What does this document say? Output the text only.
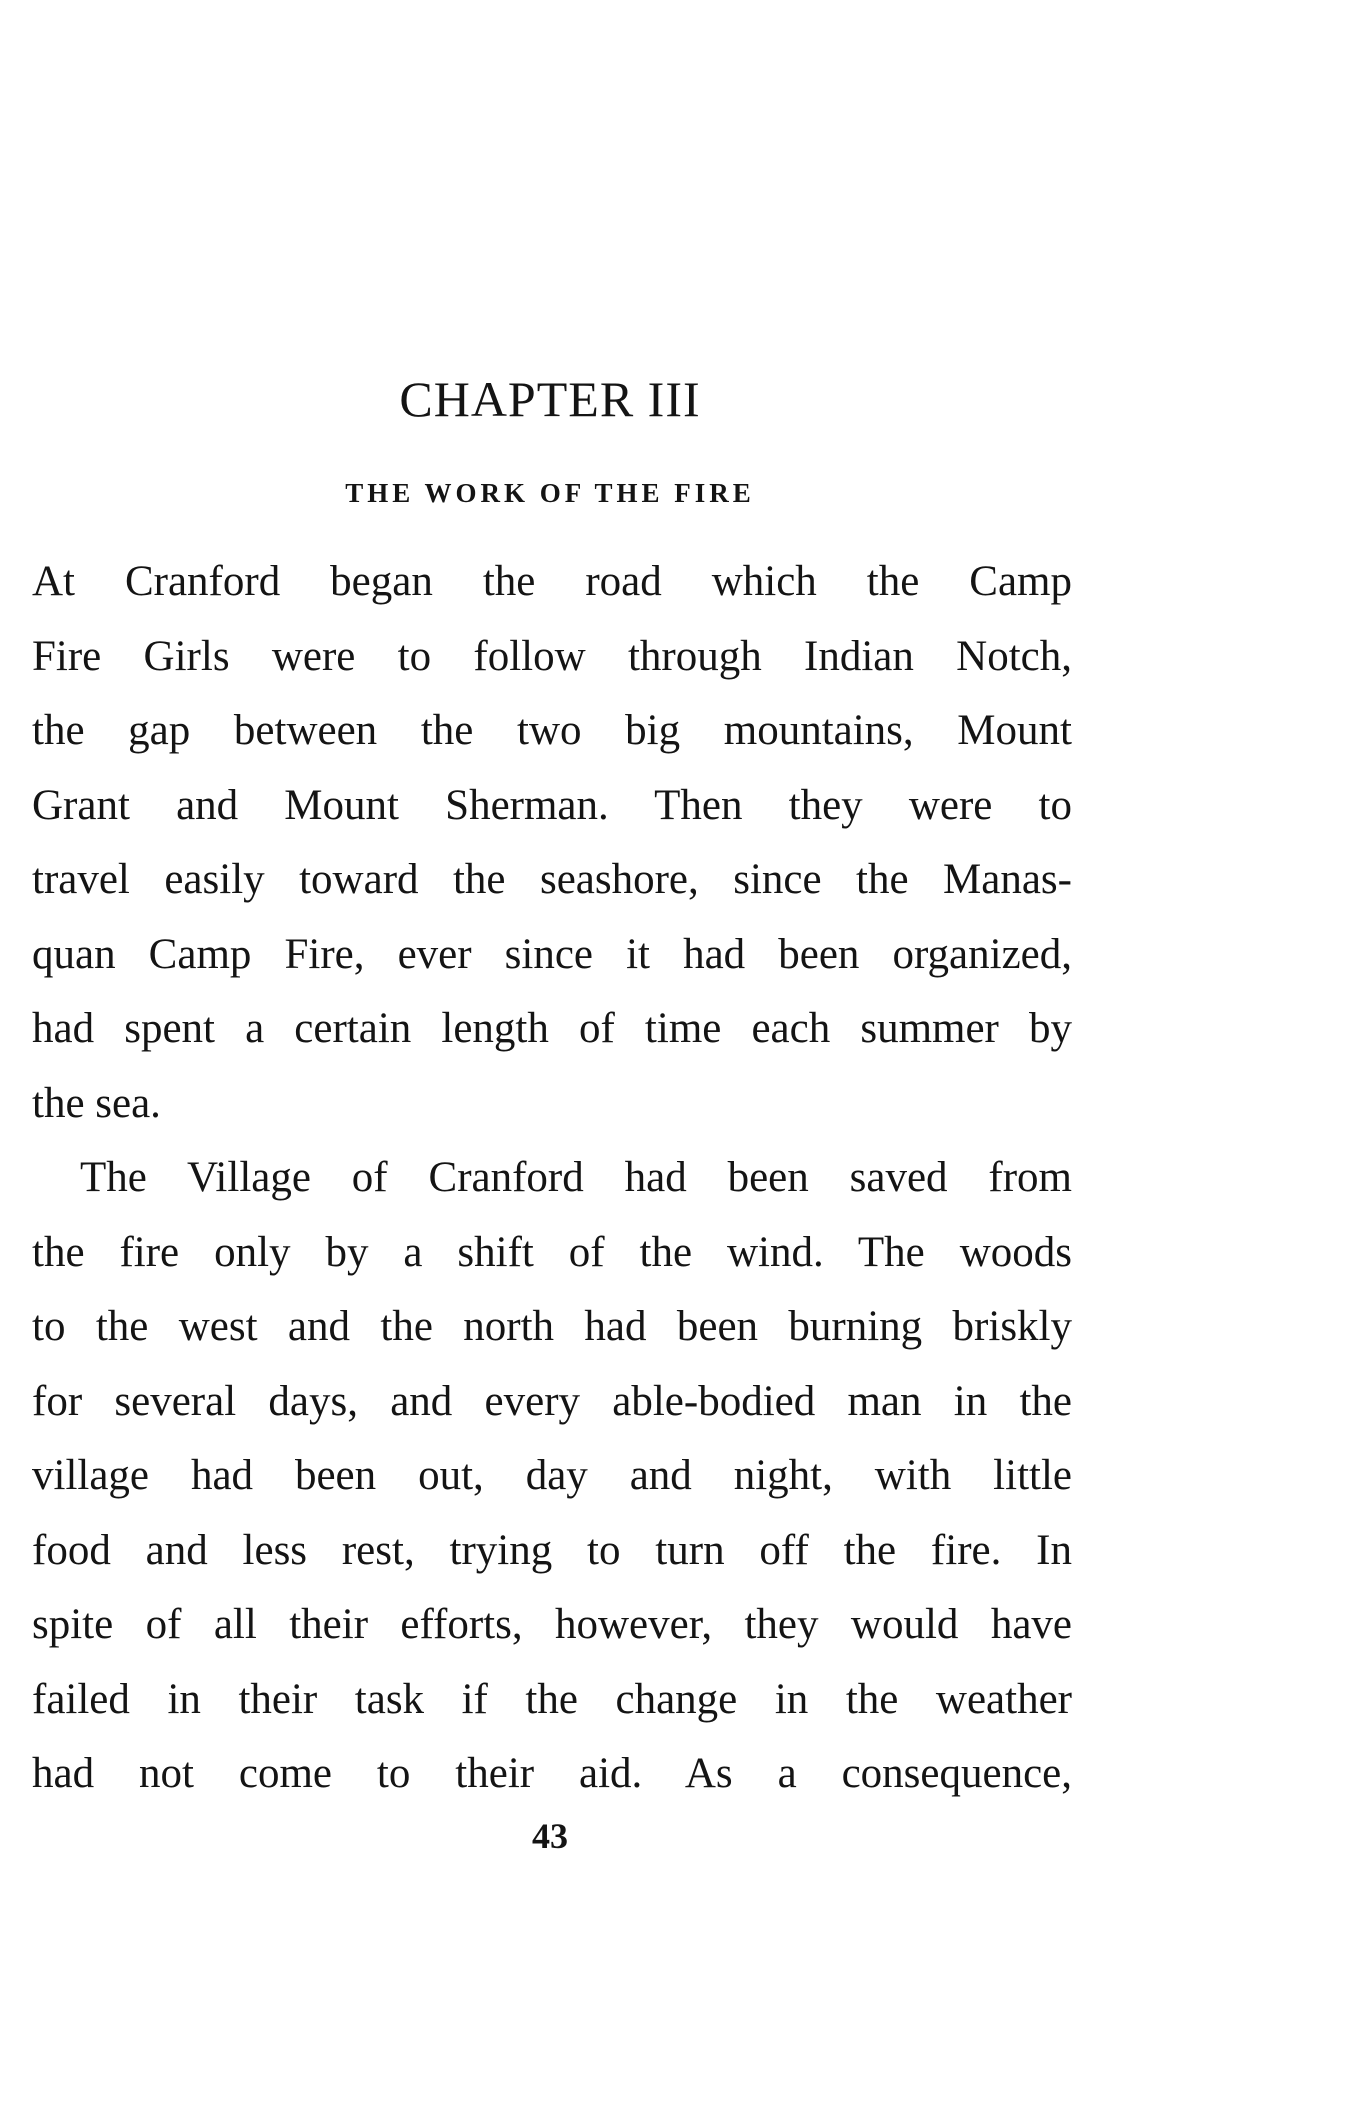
CHAPTER III
THE WORK OF THE FIRE
At Cranford began the road which the Camp
Fire Girls were to follow through Indian Notch,
the gap between the two big mountains, Mount
Grant and Mount Sherman. Then they were to
travel easily toward the seashore, since the Manas-
quan Camp Fire, ever since it had been organized,
had spent a certain length of time each summer by
the sea.
The Village of Cranford had been saved from
the fire only by a shift of the wind. The woods
to the west and the north had been burning briskly
for several days, and every able-bodied man in the
village had been out, day and night, with little
food and less rest, trying to turn off the fire. In
spite of all their efforts, however, they would have
failed in their task if the change in the weather
had not come to their aid. As a consequence,
43
